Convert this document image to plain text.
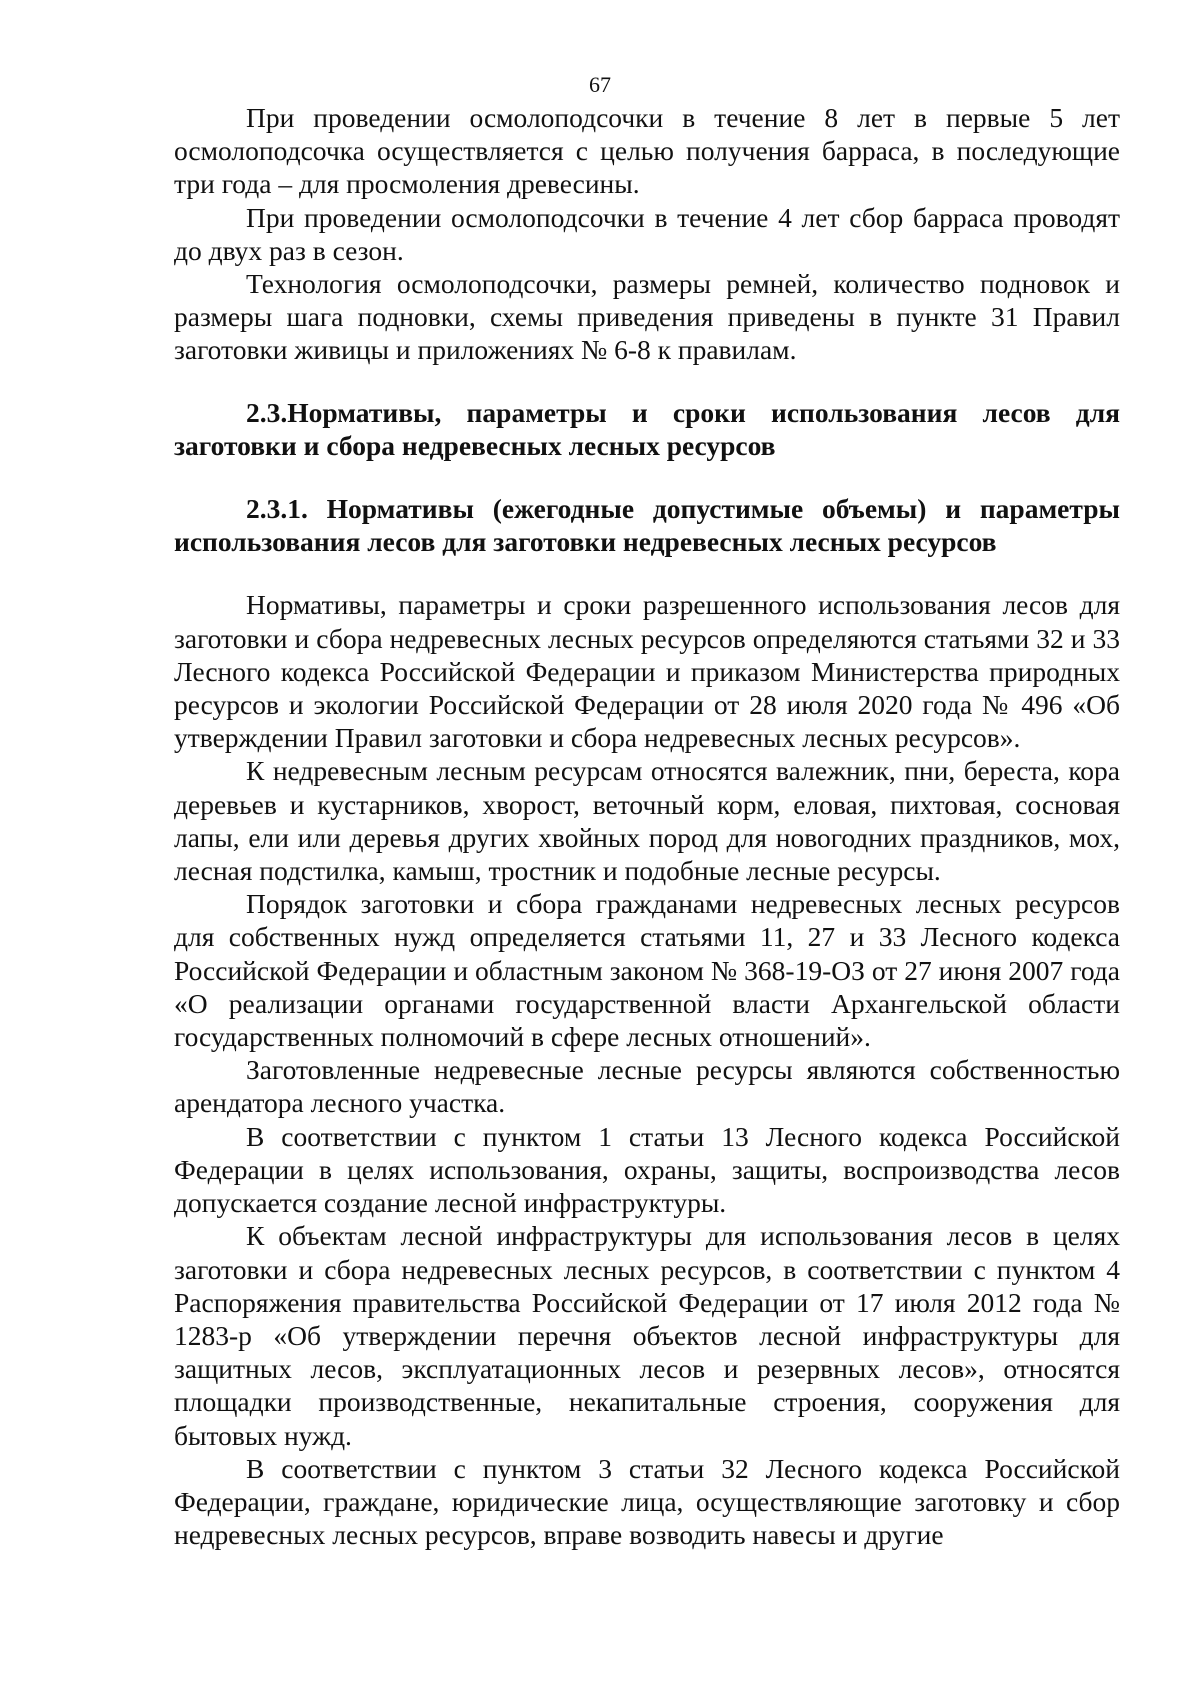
67

При проведении осмолоподсочки в течение 8 лет в первые 5 лет осмолоподсочка осуществляется с целью получения барраса, в последующие три года – для просмоления древесины.

При проведении осмолоподсочки в течение 4 лет сбор барраса проводят до двух раз в сезон.

Технология осмолоподсочки, размеры ремней, количество подновок и размеры шага подновки, схемы приведения приведены в пункте 31 Правил заготовки живицы и приложениях № 6-8 к правилам.

2.3.Нормативы, параметры и сроки использования лесов для заготовки и сбора недревесных лесных ресурсов

2.3.1. Нормативы (ежегодные допустимые объемы) и параметры использования лесов для заготовки недревесных лесных ресурсов

Нормативы, параметры и сроки разрешенного использования лесов для заготовки и сбора недревесных лесных ресурсов определяются статьями 32 и 33 Лесного кодекса Российской Федерации и приказом Министерства природных ресурсов и экологии Российской Федерации от 28 июля 2020 года № 496 «Об утверждении Правил заготовки и сбора недревесных лесных ресурсов».

К недревесным лесным ресурсам относятся валежник, пни, береста, кора деревьев и кустарников, хворост, веточный корм, еловая, пихтовая, сосновая лапы, ели или деревья других хвойных пород для новогодних праздников, мох, лесная подстилка, камыш, тростник и подобные лесные ресурсы.

Порядок заготовки и сбора гражданами недревесных лесных ресурсов для собственных нужд определяется статьями 11, 27 и 33 Лесного кодекса Российской Федерации и областным законом № 368-19-ОЗ от 27 июня 2007 года «О реализации органами государственной власти Архангельской области государственных полномочий в сфере лесных отношений».

Заготовленные недревесные лесные ресурсы являются собственностью арендатора лесного участка.

В соответствии с пунктом 1 статьи 13 Лесного кодекса Российской Федерации в целях использования, охраны, защиты, воспроизводства лесов допускается создание лесной инфраструктуры.

К объектам лесной инфраструктуры для использования лесов в целях заготовки и сбора недревесных лесных ресурсов, в соответствии с пунктом 4 Распоряжения правительства Российской Федерации от 17 июля 2012 года № 1283-р «Об утверждении перечня объектов лесной инфраструктуры для защитных лесов, эксплуатационных лесов и резервных лесов», относятся площадки производственные, некапитальные строения, сооружения для бытовых нужд.

В соответствии с пунктом 3 статьи 32 Лесного кодекса Российской Федерации, граждане, юридические лица, осуществляющие заготовку и сбор недревесных лесных ресурсов, вправе возводить навесы и другие
